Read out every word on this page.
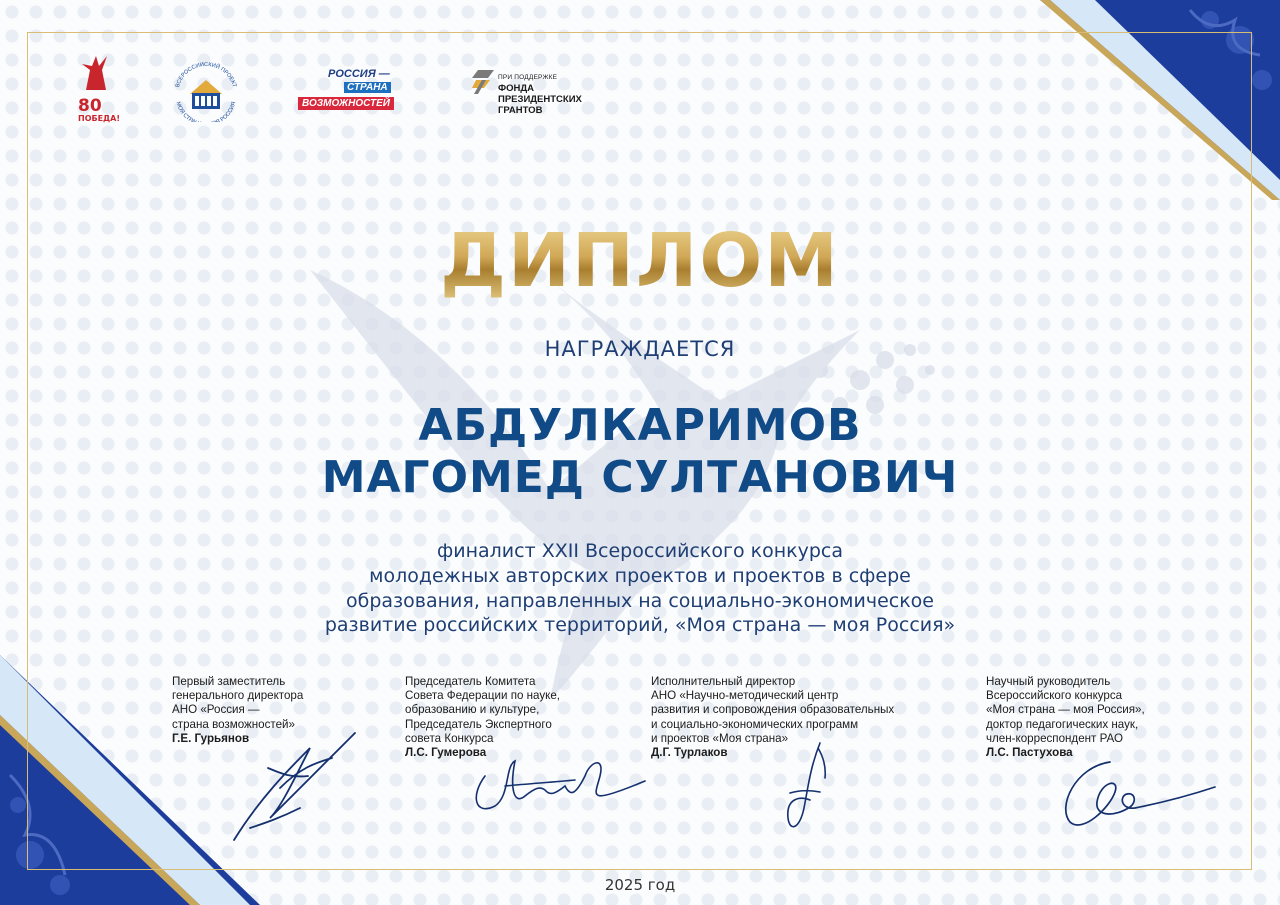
80
ПОБЕДА!
ВСЕРОССИЙСКИЙ ПРОЕКТ
МОЯ СТР РОССИЯ
РОССИЯ —
СТРАНА
ВОЗМОЖНОСТЕЙ
ПРИ ПОДДЕРЖКЕ
ФОНДА
ПРЕЗИДЕНТСКИХ
ГРАНТОВ
ДИПЛОМ
НАГРАЖДАЕТСЯ
АБДУЛКАРИМОВ
МАГОМЕД СУЛТАНОВИЧ
финалист XXII Всероссийского конкурса
молодежных авторских проектов и проектов в сфере
образования, направленных на социально-экономическое
развитие российских территорий, «Моя страна — моя Россия»
Первый заместитель
генерального директора
АНО «Россия —
страна возможностей»
Г.Е. Гурьянов
Председатель Комитета
Совета Федерации по науке,
образованию и культуре,
Председатель Экспертного
совета Конкурса
Л.С. Гумерова
Исполнительный директор
АНО «Научно-методический центр
развития и сопровождения образовательных
и социально-экономических программ
и проектов «Моя страна»
Д.Г. Турлаков
Научный руководитель
Всероссийского конкурса
«Моя страна — моя Россия»,
доктор педагогических наук,
член-корреспондент РАО
Л.С. Пастухова
2025 год
